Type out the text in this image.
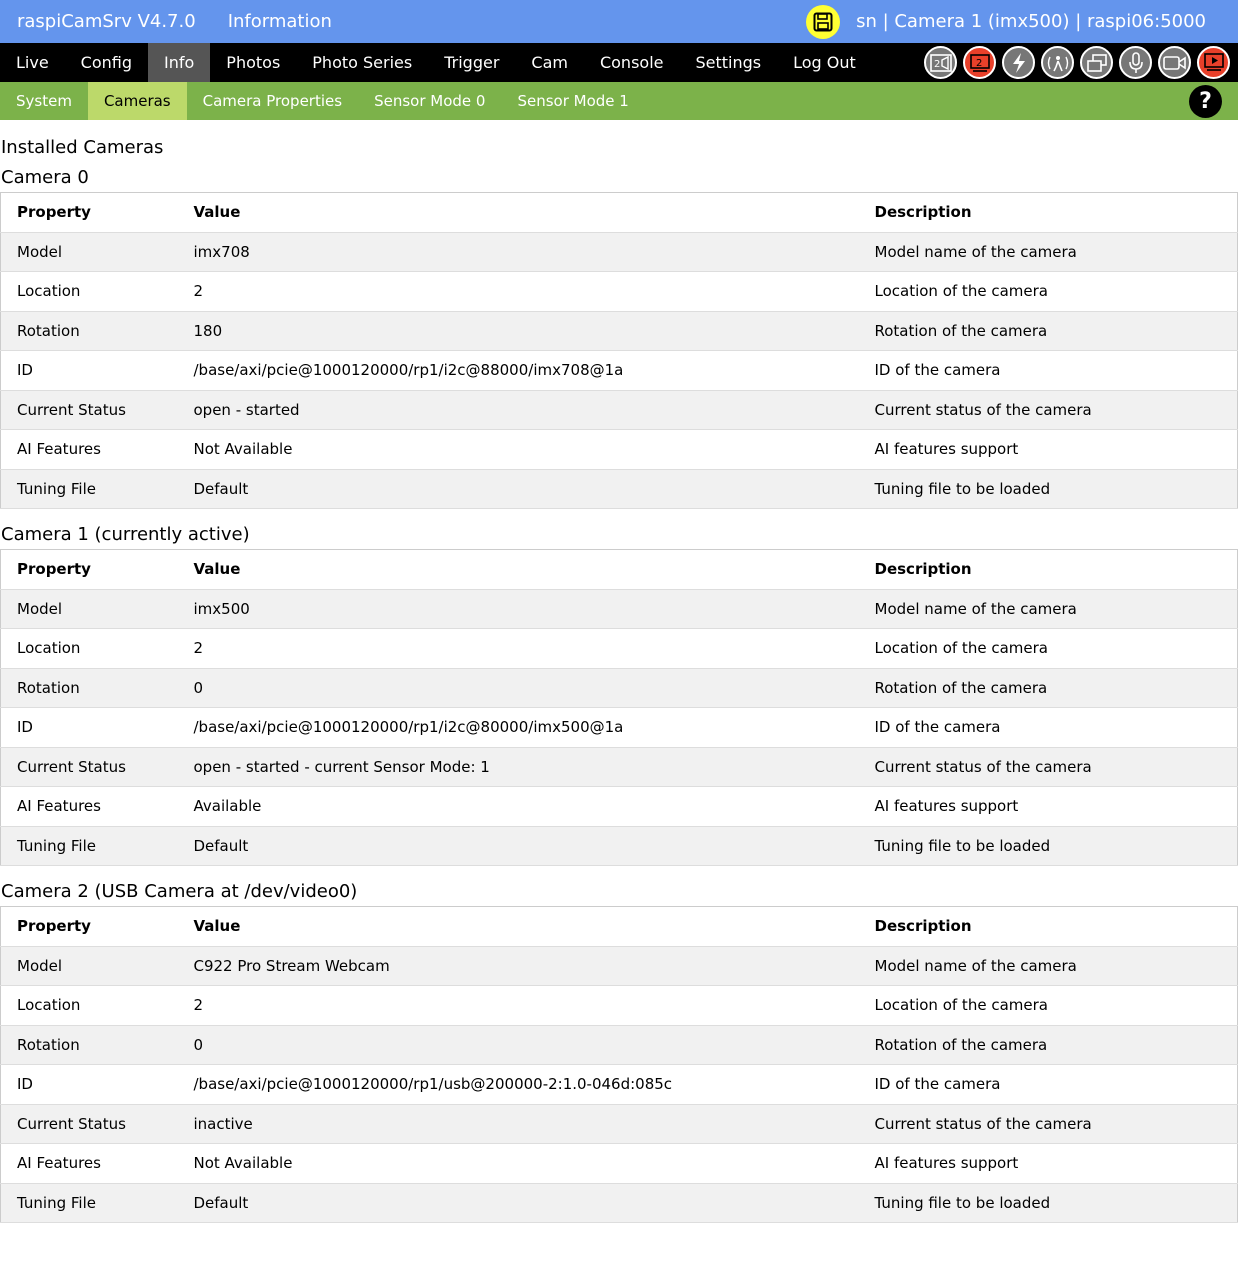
raspiCamSrv V4.7.0 Information	sn | Camera 1 (imx500) | raspi06:5000
Live	Config	Info	Photos	Photo Series	Trigger	Cam	Console	Settings	Log Out	2	2
System	Cameras	Camera Properties	Sensor Mode 0	Sensor Mode 1	?
Installed Cameras
Camera 0
Property	Value	Description
Model	imx708	Model name of the camera
Location	2	Location of the camera
Rotation	180	Rotation of the camera
ID	/base/axi/pcie@1000120000/rp1/i2c@88000/imx708@1a	ID of the camera
Current Status	open - started	Current status of the camera
AI Features	Not Available	AI features support
Tuning File	Default	Tuning file to be loaded
Camera 1 (currently active)
Property	Value	Description
Model	imx500	Model name of the camera
Location	2	Location of the camera
Rotation	0	Rotation of the camera
ID	/base/axi/pcie@1000120000/rp1/i2c@80000/imx500@1a	ID of the camera
Current Status	open - started - current Sensor Mode: 1	Current status of the camera
AI Features	Available	AI features support
Tuning File	Default	Tuning file to be loaded
Camera 2 (USB Camera at /dev/video0)
Property	Value	Description
Model	C922 Pro Stream Webcam	Model name of the camera
Location	2	Location of the camera
Rotation	0	Rotation of the camera
ID	/base/axi/pcie@1000120000/rp1/usb@200000-2:1.0-046d:085c	ID of the camera
Current Status	inactive	Current status of the camera
AI Features	Not Available	AI features support
Tuning File	Default	Tuning file to be loaded
